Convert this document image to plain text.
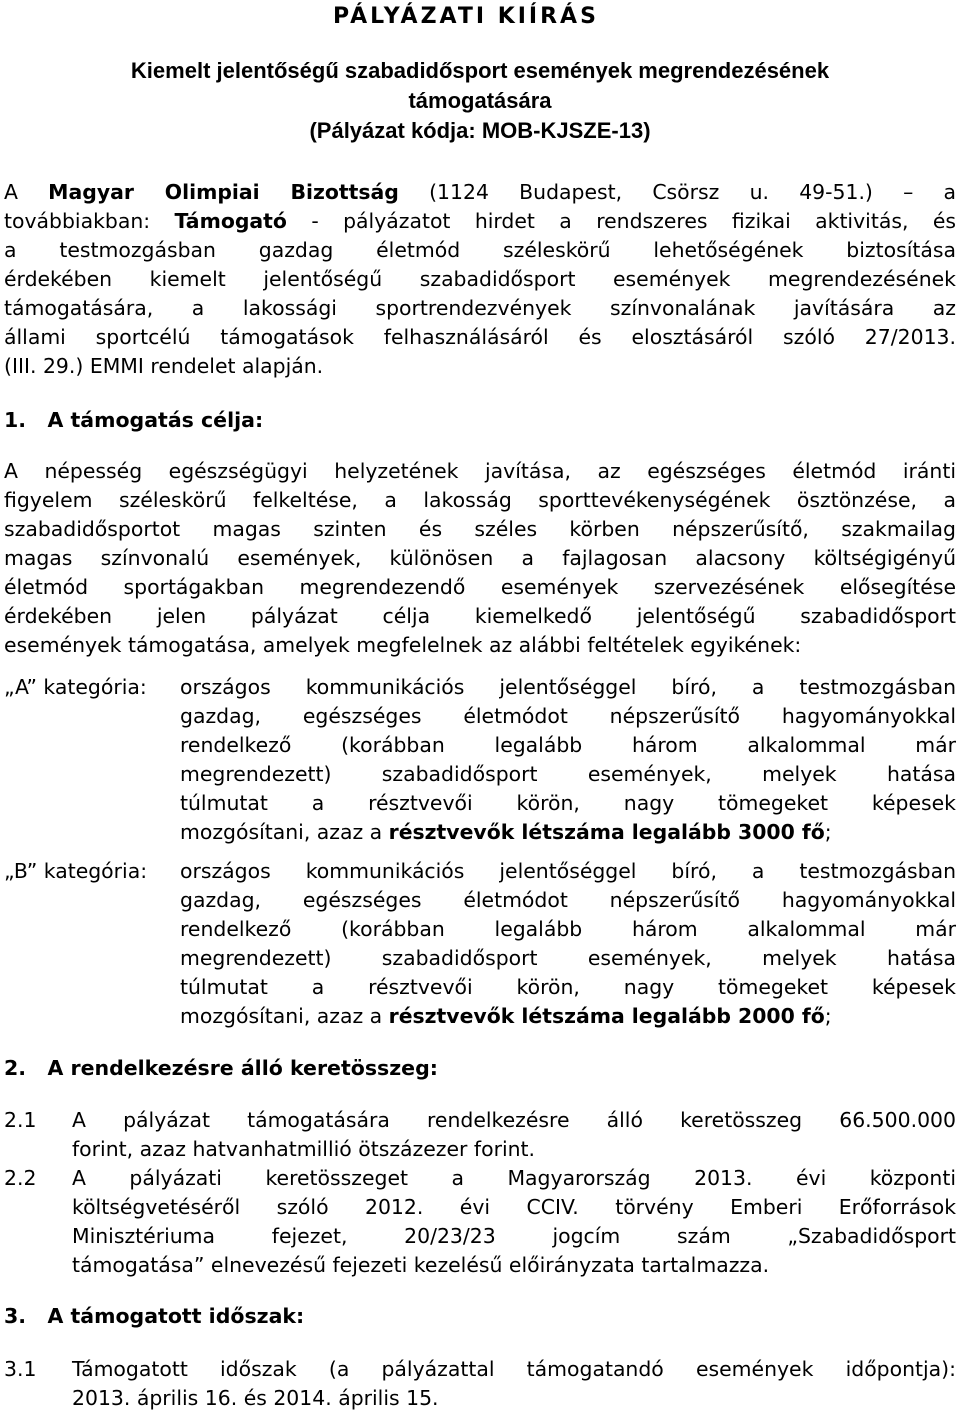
PÁLYÁZATI KIÍRÁS
Kiemelt jelentőségű szabadidősport események megrendezésének
támogatására
(Pályázat kódja: MOB-KJSZE-13)
A Magyar Olimpiai Bizottság (1124 Budapest, Csörsz u. 49-51.) – a
továbbiakban: Támogató - pályázatot hirdet a rendszeres fizikai aktivitás, és
a testmozgásban gazdag életmód széleskörű lehetőségének biztosítása
érdekében kiemelt jelentőségű szabadidősport események megrendezésének
támogatására, a lakossági sportrendezvények színvonalának javítására az
állami sportcélú támogatások felhasználásáról és elosztásáról szóló 27/2013.
(III. 29.) EMMI rendelet alapján.
1.   A támogatás célja:
A népesség egészségügyi helyzetének javítása, az egészséges életmód iránti
figyelem széleskörű felkeltése, a lakosság sporttevékenységének ösztönzése, a
szabadidősportot magas szinten és széles körben népszerűsítő, szakmailag
magas színvonalú események, különösen a fajlagosan alacsony költségigényű
életmód sportágakban megrendezendő események szervezésének elősegítése
érdekében jelen pályázat célja kiemelkedő jelentőségű szabadidősport
események támogatása, amelyek megfelelnek az alábbi feltételek egyikének:
„A” kategória: országos kommunikációs jelentőséggel bíró, a testmozgásban
gazdag, egészséges életmódot népszerűsítő hagyományokkal
rendelkező (korábban legalább három alkalommal már
megrendezett) szabadidősport események, melyek hatása
túlmutat a résztvevői körön, nagy tömegeket képesek
mozgósítani, azaz a résztvevők létszáma legalább 3000 fő;
„B” kategória: országos kommunikációs jelentőséggel bíró, a testmozgásban
gazdag, egészséges életmódot népszerűsítő hagyományokkal
rendelkező (korábban legalább három alkalommal már
megrendezett) szabadidősport események, melyek hatása
túlmutat a résztvevői körön, nagy tömegeket képesek
mozgósítani, azaz a résztvevők létszáma legalább 2000 fő;
2.   A rendelkezésre álló keretösszeg:
2.1 A pályázat támogatására rendelkezésre álló keretösszeg 66.500.000
forint, azaz hatvanhatmillió ötszázezer forint.
2.2 A pályázati keretösszeget a Magyarország 2013. évi központi
költségvetéséről szóló 2012. évi CCIV. törvény Emberi Erőforrások
Minisztériuma fejezet, 20/23/23 jogcím szám „Szabadidősport
támogatása” elnevezésű fejezeti kezelésű előirányzata tartalmazza.
3.   A támogatott időszak:
3.1 Támogatott időszak (a pályázattal támogatandó események időpontja):
2013. április 16. és 2014. április 15.
